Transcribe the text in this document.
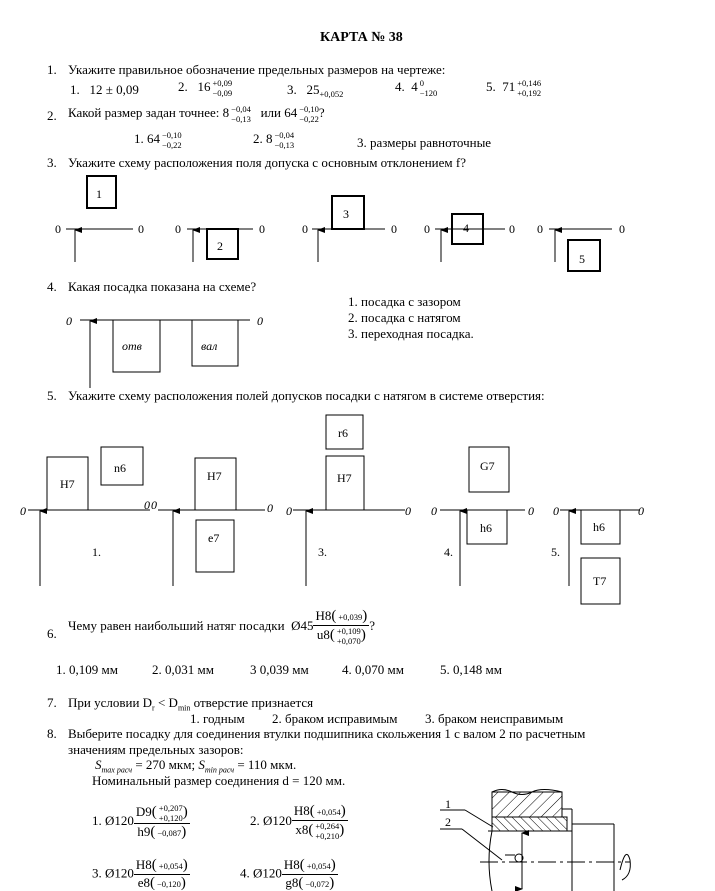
КАРТА № 38
1. Укажите правильное обозначение предельных размеров на чертеже:
1. 12 ± 0,09	2. 16 +0,09
−0,09	3. $25_{+0,052}$
4. 4 0
−120	5. 71 +0,146
+0,192
2. Какой размер задан точнее: 8 −0,04
−0,13 или 64 −0,10
−0,22 ?
1. 64 −0,10
−0,22	2. 8 −0,04
−0,13	3. размеры равноточные
3. Укажите схему расположения поля допуска с основным отклонением f?
0	0
1
0	0
2
0	0
3
0	0
4	0	0
5
0	0
отв	вал
0	0
H7
n6
1.
0	0
H7
e7
0	0
r6
H7
3.
0	0
G7
h6
4.
0	0
h6
T7
5.
1
2
4. Какая посадка показана на схеме?
1. посадка с зазором
2. посадка с натягом
3. переходная посадка.
5. Укажите схему расположения полей допусков посадки с натягом в системе отверстия:
6.
Чему равен наибольший натяг посадки Ø45 H8( +0,039 )
u8( +0,109
+0,070 ) ?
1. 0,109 мм	2. 0,031 мм	3 0,039 мм	4. 0,070 мм	5. 0,148 мм
7. При условии $D_r < D_{min}$ отверстие признается
1. годным 2. браком исправимым 3. браком неисправимым
8. Выберите посадку для соединения втулки подшипника скольжения 1 с валом 2 по расчетным
значениям предельных зазоров:
$S_{max расч} = 270$ мкм; $S_{min расч} = 110$ мкм.
Номинальный размер соединения d = 120 мм.
1. Ø120 D9( +0,207
+0,120 )
h9( −0,087 )	2. Ø120 H8( +0,054 )
x8( +0,264
+0,210 )
3. Ø120 $\frac{H8( +0,054 )}{e8( -0,120 )}$	4. Ø120 $\frac{H8( +0,054 )}{g8( -0,072 )}$
